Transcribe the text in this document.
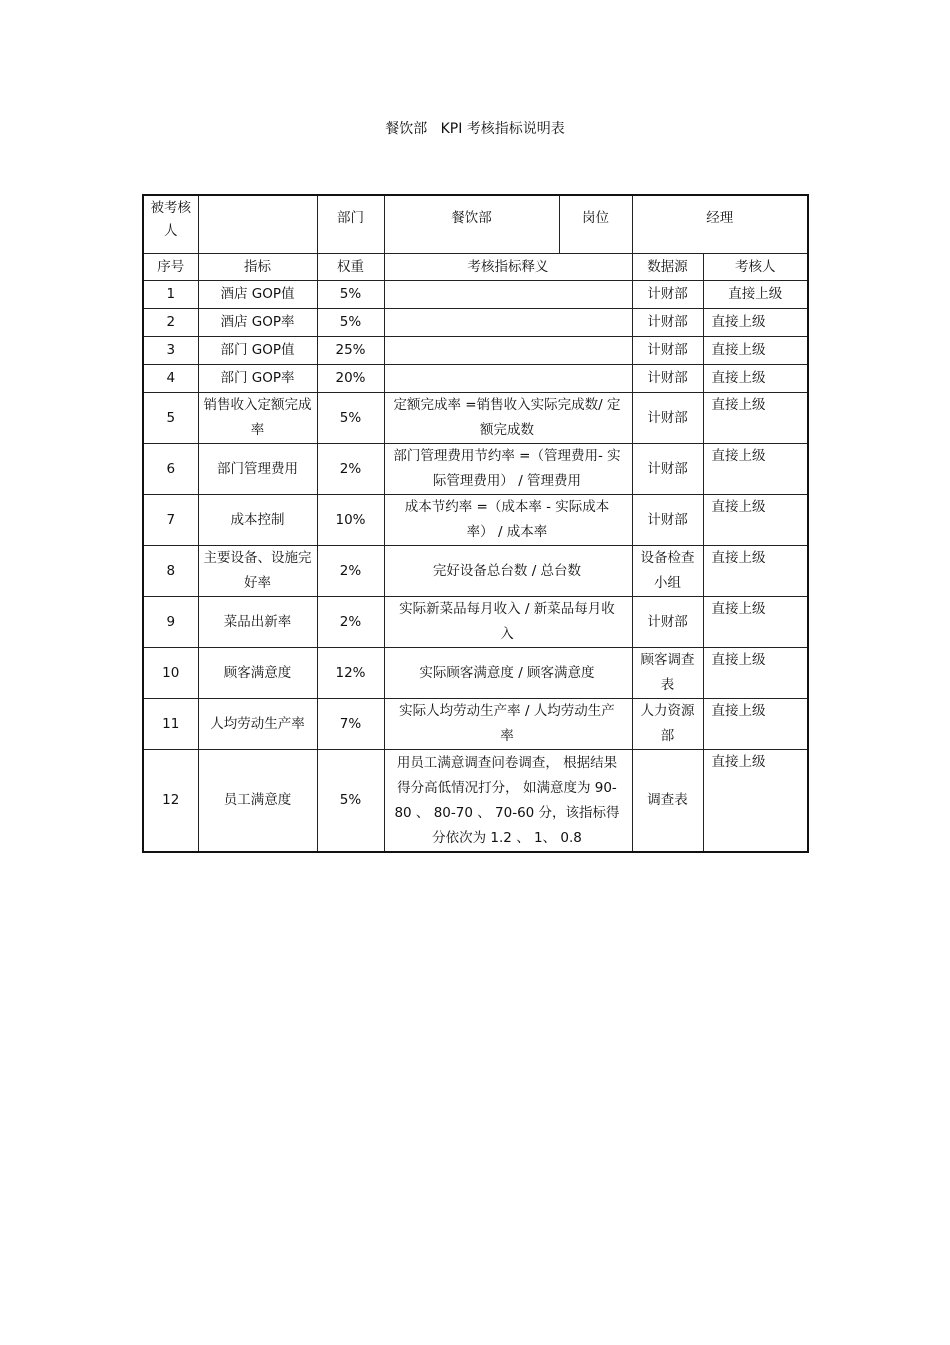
餐饮部   KPI 考核指标说明表
被考核人		部门	餐饮部	岗位	经理	
序号	指标	权重	考核指标释义		数据源	考核人
1	酒店 GOP值	5%			计财部	直接上级
2	酒店 GOP率	5%			计财部	直接上级
3	部门 GOP值	25%			计财部	直接上级
4	部门 GOP率	20%			计财部	直接上级
5	销售收入定额完成率	5%	定额完成率 =销售收入实际完成数/ 定额完成数		计财部	直接上级
6	部门管理费用	2%	部门管理费用节约率 =（管理费用- 实际管理费用） / 管理费用		计财部	直接上级
7	成本控制	10%	成本节约率 =（成本率 - 实际成本率） / 成本率		计财部	直接上级
8	主要设备、设施完好率	2%	完好设备总台数 / 总台数		设备检查小组	直接上级
9	菜品出新率	2%	实际新菜品每月收入 / 新菜品每月收入		计财部	直接上级
10	顾客满意度	12%	实际顾客满意度 / 顾客满意度		顾客调查表	直接上级
11	人均劳动生产率	7%	实际人均劳动生产率 / 人均劳动生产率		人力资源部	直接上级
12	员工满意度	5%	用员工满意调查问卷调查， 根据结果得分高低情况打分， 如满意度为 90-80 、 80-70 、 70-60 分，该指标得分依次为 1.2 、 1、 0.8		调查表	直接上级
